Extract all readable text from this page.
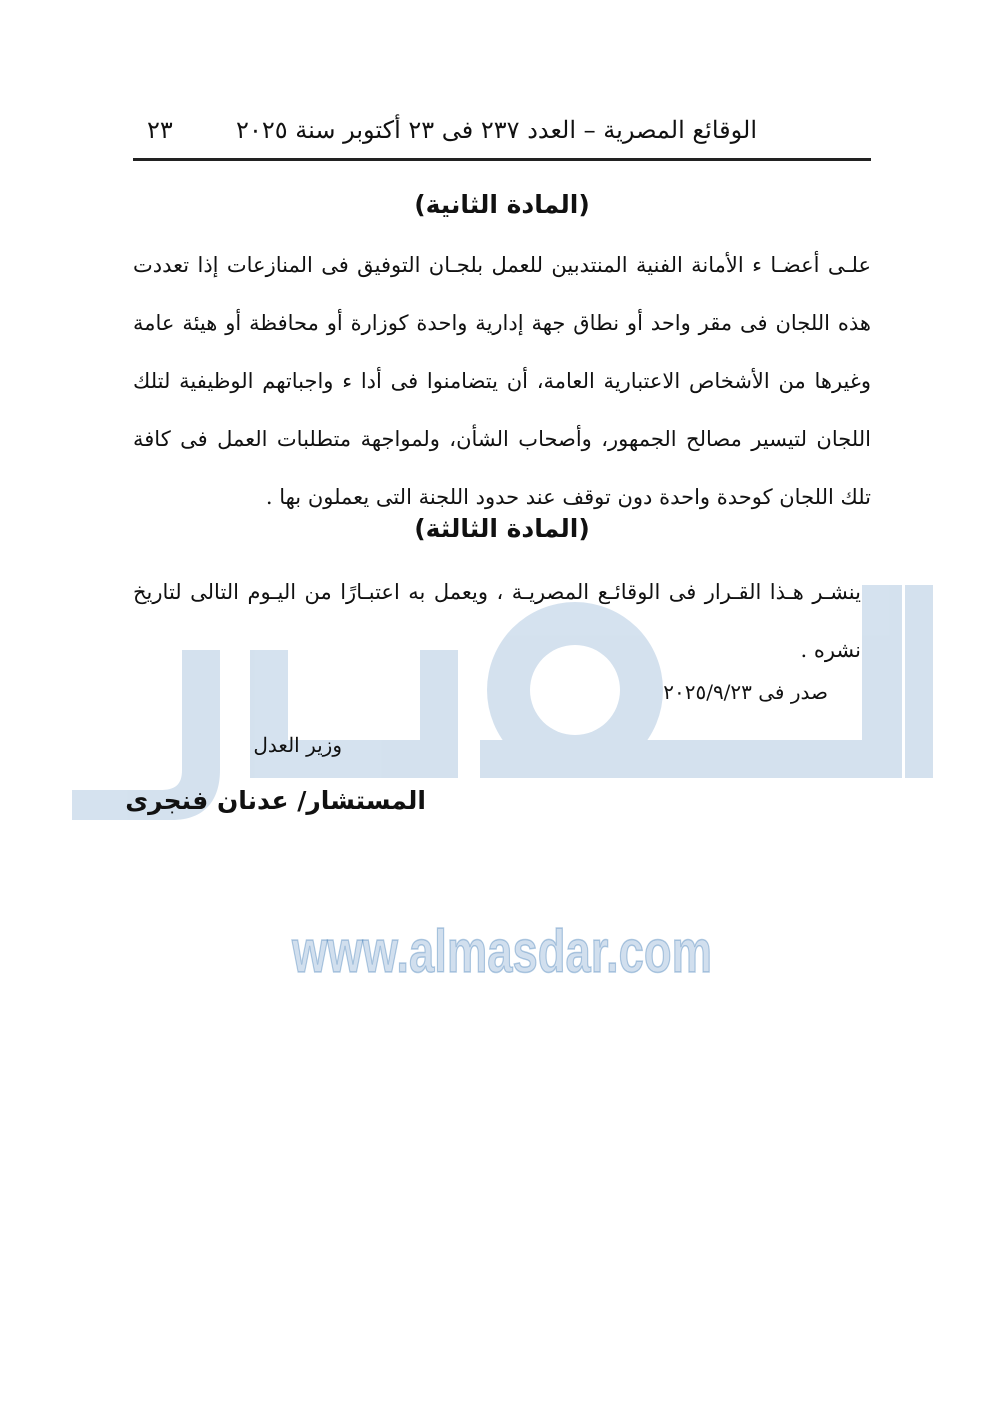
www.almasdar.com
الوقائع المصرية – العدد ٢٣٧ فى ٢٣ أكتوبر سنة ٢٠٢٥
٢٣
(المادة الثانية)

علـى أعضـا ء الأمانة الفنية المنتدبين للعمل بلجـان التوفيق فى المنازعات إذا تعددت هذه اللجان فى مقر واحد أو نطاق جهة إدارية واحدة كوزارة أو محافظة أو هيئة عامة وغيرها من الأشخاص الاعتبارية العامة، أن يتضامنوا فى أدا ء واجباتهم الوظيفية لتلك اللجان لتيسير مصالح الجمهور، وأصحاب الشأن، ولمواجهة متطلبات العمل فى كافة تلك اللجان كوحدة واحدة دون توقف عند حدود اللجنة التى يعملون بها .

(المادة الثالثة)

ينشـر هـذا القـرار فى الوقائـع المصريـة ، ويعمل به اعتبـارًا من اليـوم التالى لتاريخ نشره .

صدر فى ٢٠٢٥/٩/٢٣
وزير العدل
المستشار/ عدنان فنجرى
